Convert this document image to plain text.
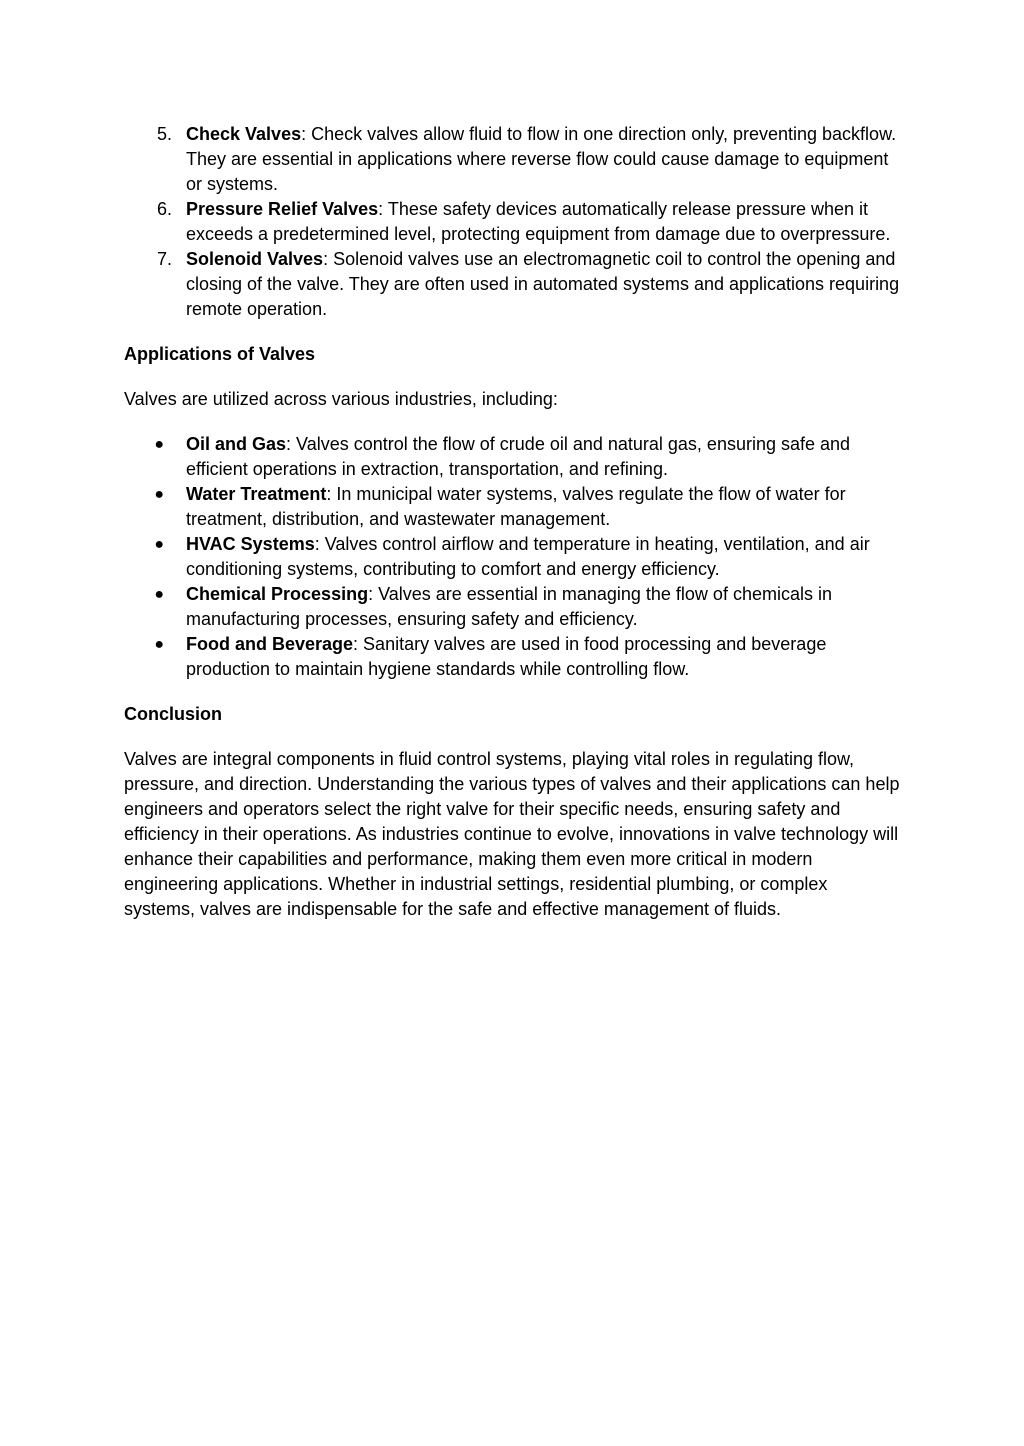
5. Check Valves: Check valves allow fluid to flow in one direction only, preventing backflow. They are essential in applications where reverse flow could cause damage to equipment or systems.
6. Pressure Relief Valves: These safety devices automatically release pressure when it exceeds a predetermined level, protecting equipment from damage due to overpressure.
7. Solenoid Valves: Solenoid valves use an electromagnetic coil to control the opening and closing of the valve. They are often used in automated systems and applications requiring remote operation.

Applications of Valves

Valves are utilized across various industries, including:

● Oil and Gas: Valves control the flow of crude oil and natural gas, ensuring safe and efficient operations in extraction, transportation, and refining.
● Water Treatment: In municipal water systems, valves regulate the flow of water for treatment, distribution, and wastewater management.
● HVAC Systems: Valves control airflow and temperature in heating, ventilation, and air conditioning systems, contributing to comfort and energy efficiency.
● Chemical Processing: Valves are essential in managing the flow of chemicals in manufacturing processes, ensuring safety and efficiency.
● Food and Beverage: Sanitary valves are used in food processing and beverage production to maintain hygiene standards while controlling flow.

Conclusion

Valves are integral components in fluid control systems, playing vital roles in regulating flow, pressure, and direction. Understanding the various types of valves and their applications can help engineers and operators select the right valve for their specific needs, ensuring safety and efficiency in their operations. As industries continue to evolve, innovations in valve technology will enhance their capabilities and performance, making them even more critical in modern engineering applications. Whether in industrial settings, residential plumbing, or complex systems, valves are indispensable for the safe and effective management of fluids.
